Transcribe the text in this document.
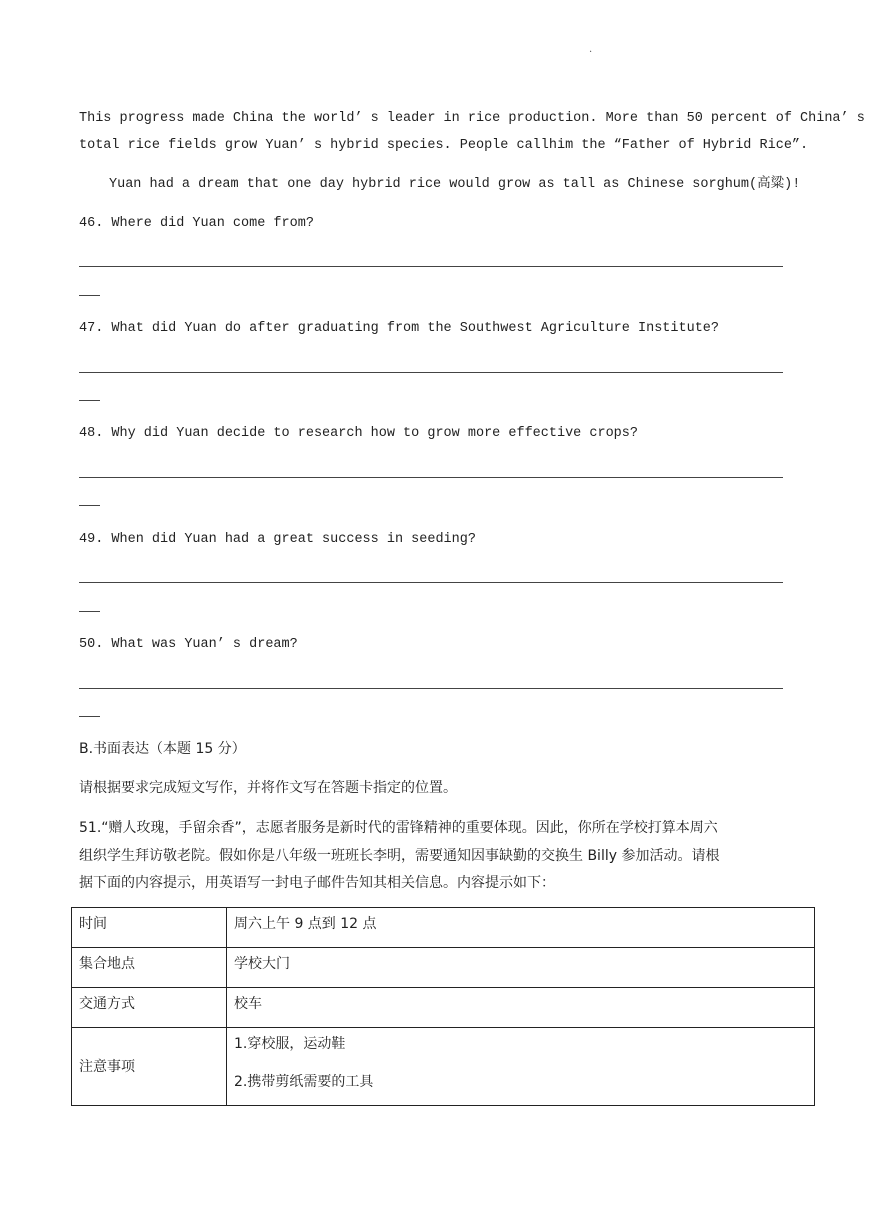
.
This progress made China the world’ s leader in rice production. More than 50 percent of China’ s
total rice fields grow Yuan’ s hybrid species. People callhim the “Father of Hybrid Rice”.
Yuan had a dream that one day hybrid rice would grow as tall as Chinese sorghum(高粱)!
46. Where did Yuan come from?
47. What did Yuan do after graduating from the Southwest Agriculture Institute?
48. Why did Yuan decide to research how to grow more effective crops?
49. When did Yuan had a great success in seeding?
50. What was Yuan’ s dream?
B.书面表达（本题 15 分）
请根据要求完成短文写作，并将作文写在答题卡指定的位置。
51.“赠人玫瑰，手留余香”，志愿者服务是新时代的雷锋精神的重要体现。因此，你所在学校打算本周六
组织学生拜访敬老院。假如你是八年级一班班长李明，需要通知因事缺勤的交换生 Billy 参加活动。请根
据下面的内容提示，用英语写一封电子邮件告知其相关信息。内容提示如下：
时间	周六上午 9 点到 12 点
集合地点	学校大门
交通方式	校车
注意事项	1.穿校服，运动鞋
2.携带剪纸需要的工具
